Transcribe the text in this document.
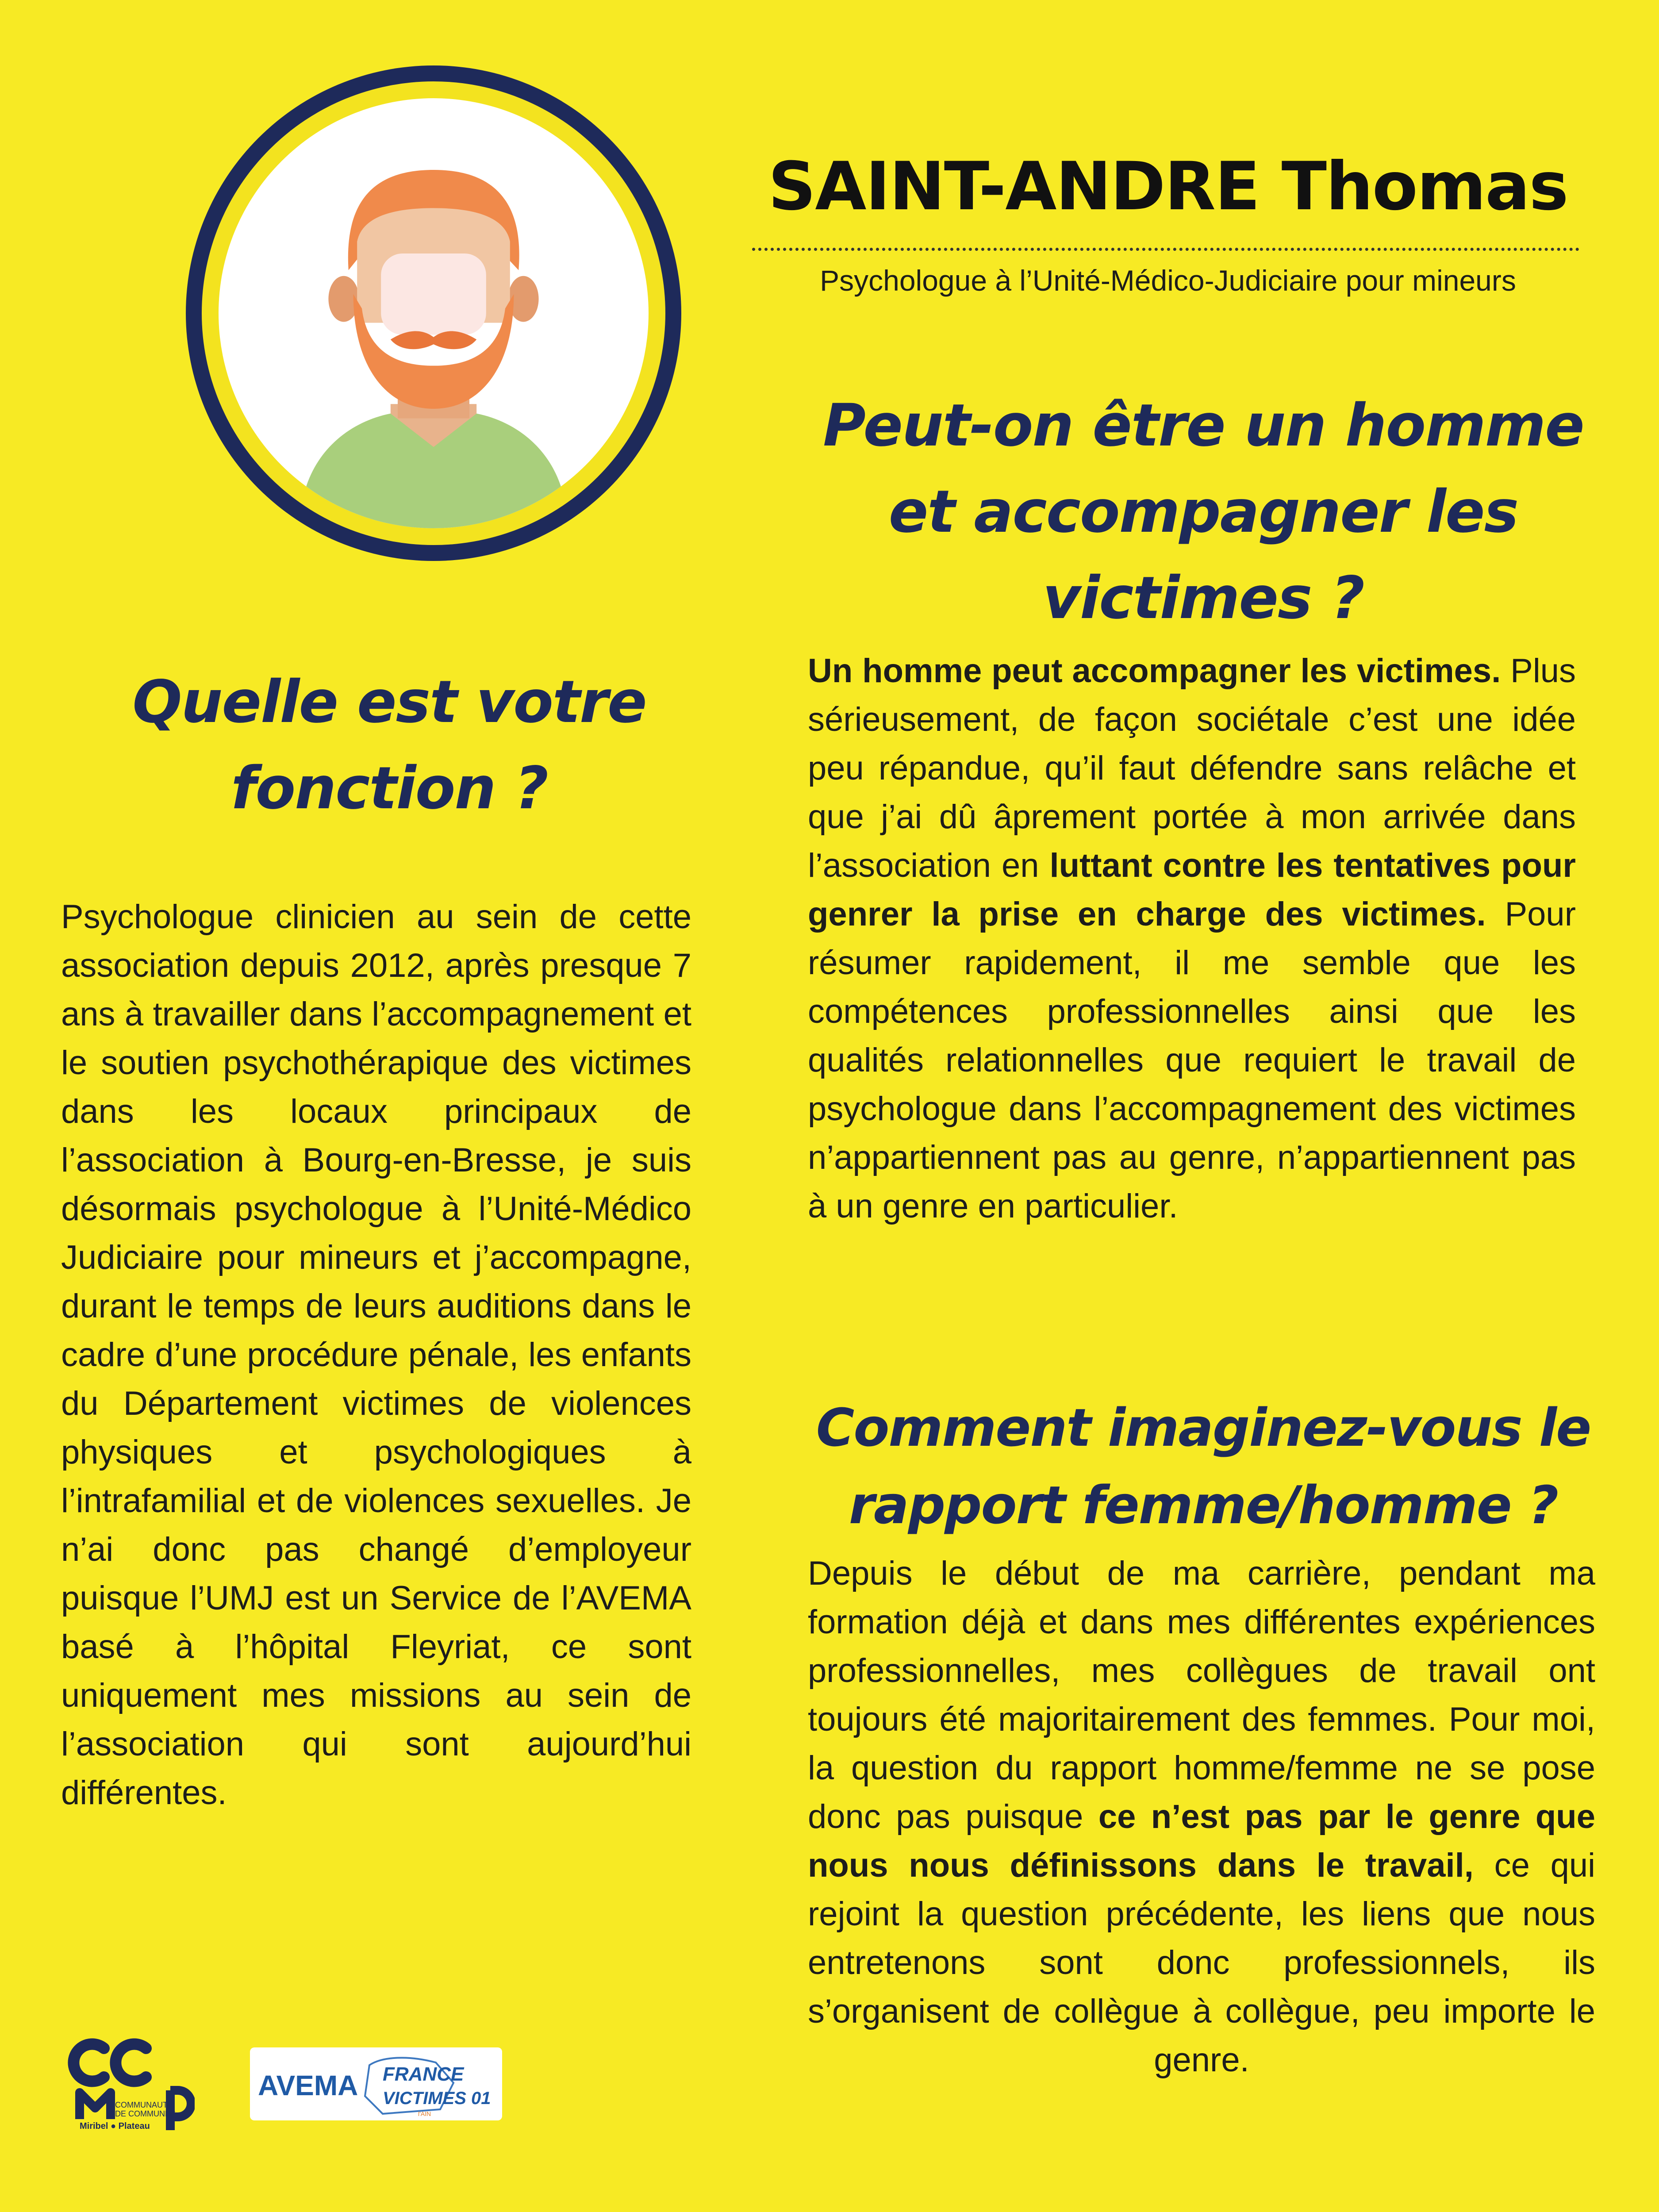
SAINT-ANDRE Thomas
Psychologue à l’Unité-Médico-Judiciaire pour mineurs
Quelle est votre fonction ?

Psychologue clinicien au sein de cette association depuis 2012, après presque 7 ans à travailler dans l’accompagnement et le soutien psychothérapique des victimes dans les locaux principaux de l’association à Bourg-en-Bresse, je suis désormais psychologue à l’Unité-Médico Judiciaire pour mineurs et j’accompagne, durant le temps de leurs auditions dans le cadre d’une procédure pénale, les enfants du Département victimes de violences physiques et psychologiques à l’intrafamilial et de violences sexuelles. Je n’ai donc pas changé d’employeur puisque l’UMJ est un Service de l’AVEMA basé à l’hôpital Fleyriat, ce sont uniquement mes missions au sein de l’association qui sont aujourd’hui différentes.

Peut-on être un homme et accompagner les victimes ?

Un homme peut accompagner les victimes. Plus sérieusement, de façon sociétale c’est une idée peu répandue, qu’il faut défendre sans relâche et que j’ai dû âprement portée à mon arrivée dans l’association en luttant contre les tentatives pour genrer la prise en charge des victimes. Pour résumer rapidement, il me semble que les compétences professionnelles ainsi que les qualités relationnelles que requiert le travail de psychologue dans l’accompagnement des victimes n’appartiennent pas au genre, n’appartiennent pas à un genre en particulier.

Comment imaginez-vous le rapport femme/homme ?

Depuis le début de ma carrière, pendant ma formation déjà et dans mes différentes expériences professionnelles, mes collègues de travail ont toujours été majoritairement des femmes. Pour moi, la question du rapport homme/femme ne se pose donc pas puisque ce n’est pas par le genre que nous nous définissons dans le travail, ce qui rejoint la question précédente, les liens que nous entretenons sont donc professionnels, ils s’organisent de collègue à collègue, peu importe le genre.

COMMUNAUTÉ
DE COMMUNES
Miribel ● Plateau
AVEMA FRANCE
VICTIMES 01
l'AIN
